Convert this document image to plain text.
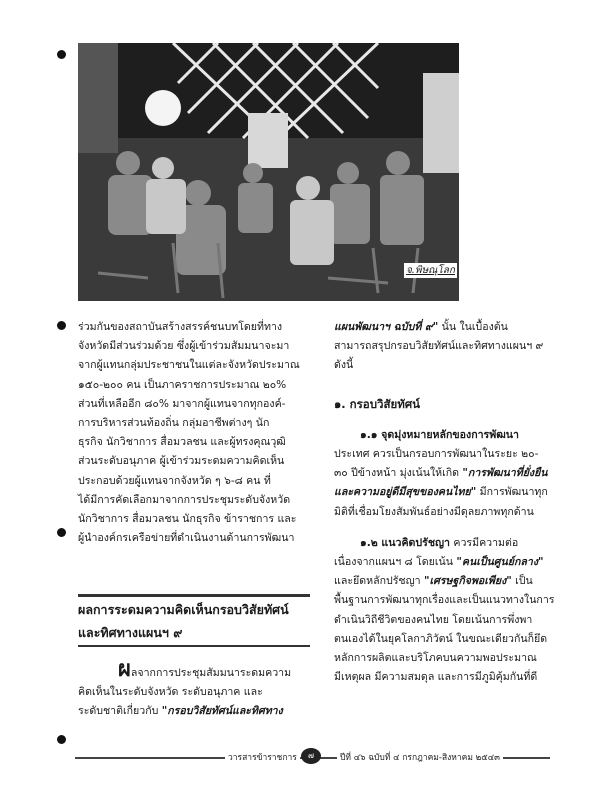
จ.พิษณุโลก

ร่วมกันของสถาบันสร้างสรรค์ชนบทโดยที่ทาง

จังหวัดมีส่วนร่วมด้วย ซึ่งผู้เข้าร่วมสัมมนาจะมา

จากผู้แทนกลุ่มประชาชนในแต่ละจังหวัดประมาณ

๑๕๐-๒๐๐ คน เป็นภาคราชการประมาณ ๒๐%

ส่วนที่เหลืออีก ๘๐% มาจากผู้แทนจากทุกองค์-

การบริหารส่วนท้องถิ่น กลุ่มอาชีพต่างๆ นัก

ธุรกิจ นักวิชาการ สื่อมวลชน และผู้ทรงคุณวุฒิ

ส่วนระดับอนุภาค ผู้เข้าร่วมระดมความคิดเห็น

ประกอบด้วยผู้แทนจากจังหวัด ๆ ๖-๘ คน ที่

ได้มีการคัดเลือกมาจากการประชุมระดับจังหวัด

นักวิชาการ สื่อมวลชน นักธุรกิจ ข้าราชการ และ

ผู้นำองค์กรเครือข่ายที่ดำเนินงานด้านการพัฒนา

ผลการระดมความคิดเห็นกรอบวิสัยทัศน์
และทิศทางแผนฯ ๙

ผลจากการประชุมสัมมนาระดมความ

คิดเห็นในระดับจังหวัด ระดับอนุภาค และ

ระดับชาติเกี่ยวกับ "กรอบวิสัยทัศน์และทิศทาง

แผนพัฒนาฯ ฉบับที่ ๙" นั้น ในเบื้องต้น

สามารถสรุปกรอบวิสัยทัศน์และทิศทางแผนฯ ๙

ดังนี้

๑. กรอบวิสัยทัศน์

๑.๑ จุดมุ่งหมายหลักของการพัฒนา

ประเทศ ควรเป็นกรอบการพัฒนาในระยะ ๒๐-

๓๐ ปีข้างหน้า มุ่งเน้นให้เกิด "การพัฒนาที่ยั่งยืน

และความอยู่ดีมีสุขของคนไทย" มีการพัฒนาทุก

มิติที่เชื่อมโยงสัมพันธ์อย่างมีดุลยภาพทุกด้าน

๑.๒ แนวคิดปรัชญา ควรมีความต่อ

เนื่องจากแผนฯ ๘ โดยเน้น "คนเป็นศูนย์กลาง"

และยึดหลักปรัชญา "เศรษฐกิจพอเพียง" เป็น

พื้นฐานการพัฒนาทุกเรื่องและเป็นแนวทางในการ

ดำเนินวิถีชีวิตของคนไทย โดยเน้นการพึ่งพา

ตนเองได้ในยุคโลกาภิวัตน์ ในขณะเดียวกันก็ยึด

หลักการผลิตและบริโภคบนความพอประมาณ

มีเหตุผล มีความสมดุล และการมีภูมิคุ้มกันที่ดี

วารสารข้าราชการ	๗	ปีที่ ๔๖ ฉบับที่ ๔ กรกฎาคม-สิงหาคม ๒๕๔๓
